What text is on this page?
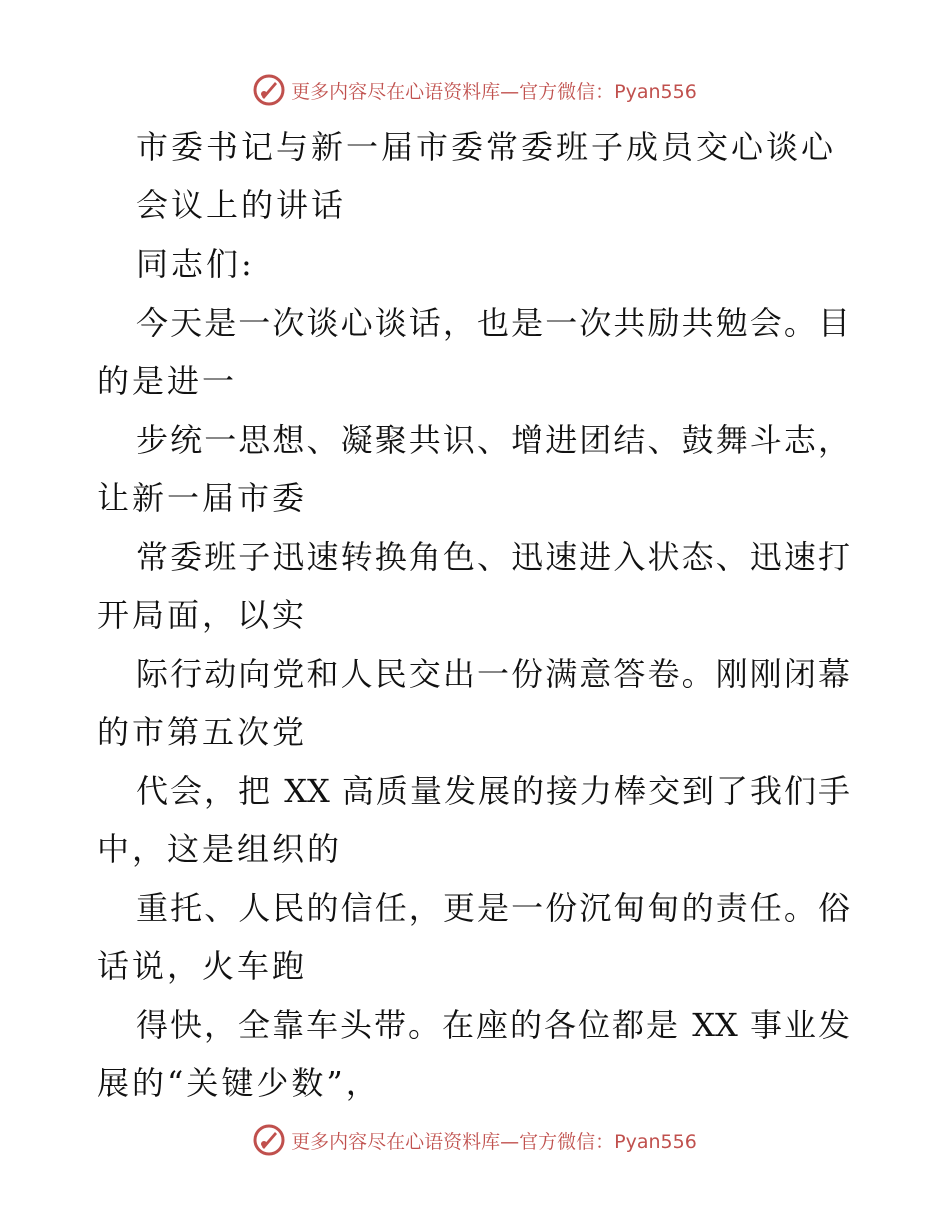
更多内容尽在心语资料库—官方微信：Pyan556
市委书记与新一届市委常委班子成员交心谈心
会议上的讲话
同志们:
今天是一次谈心谈话，也是一次共励共勉会。目
的是进一
步统一思想、凝聚共识、增进团结、鼓舞斗志，
让新一届市委
常委班子迅速转换角色、迅速进入状态、迅速打
开局面，以实
际行动向党和人民交出一份满意答卷。刚刚闭幕
的市第五次党
代会，把 XX 高质量发展的接力棒交到了我们手
中，这是组织的
重托、人民的信任，更是一份沉甸甸的责任。俗
话说，火车跑
得快，全靠车头带。在座的各位都是 XX 事业发
展的“关键少数”，
更多内容尽在心语资料库—官方微信：Pyan556
